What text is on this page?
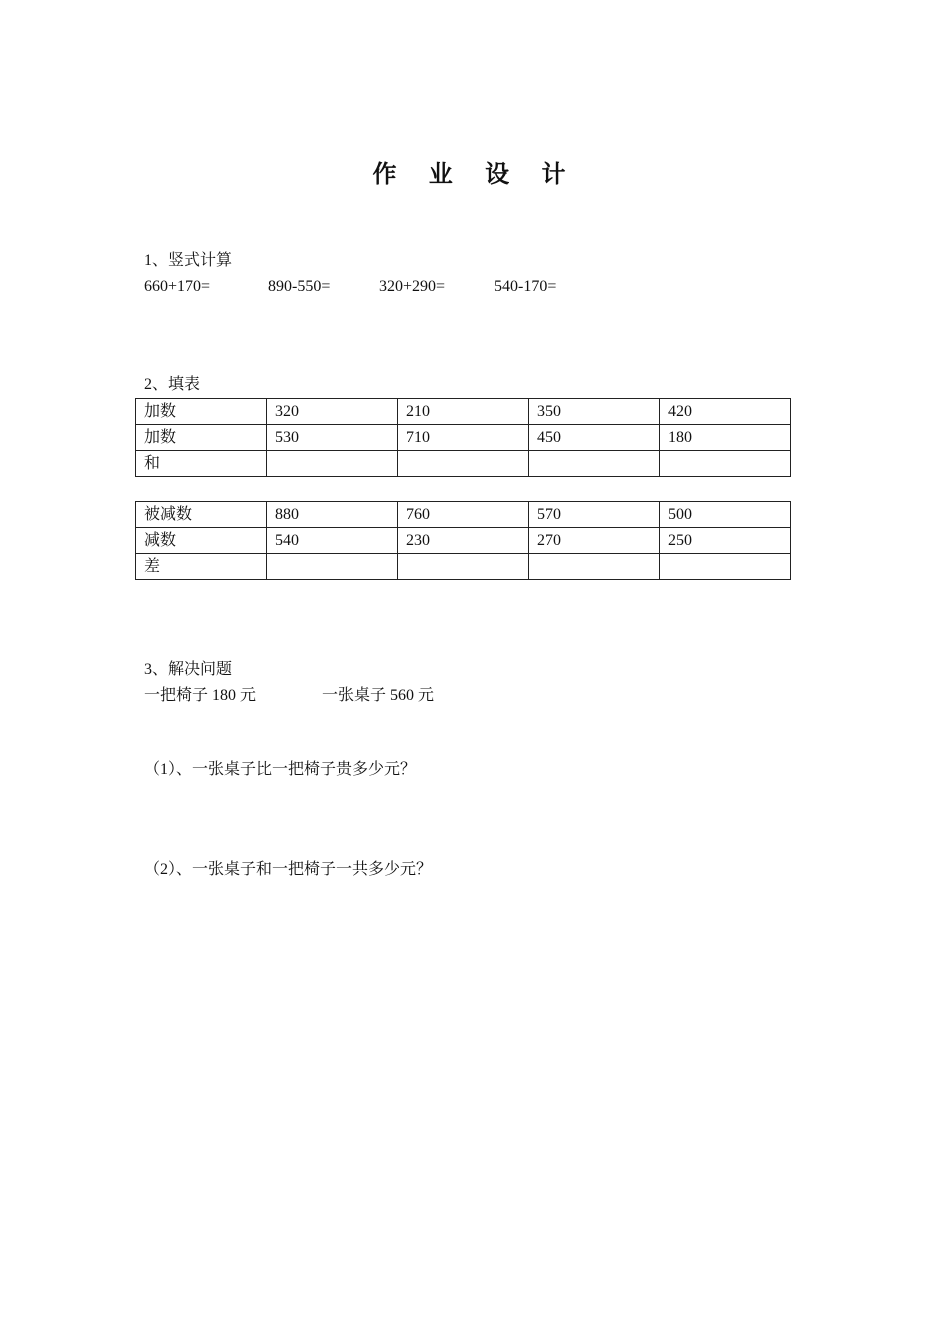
作 业 设 计
1、竖式计算
660+170=	890-550=	320+290=	540-170=
2、填表
加数	320	210	350	420
加数	530	710	450	180
和				
被减数	880	760	570	500
减数	540	230	270	250
差				
3、解决问题
一把椅子 180 元	一张桌子 560 元
（1）、一张桌子比一把椅子贵多少元？
（2）、一张桌子和一把椅子一共多少元？
